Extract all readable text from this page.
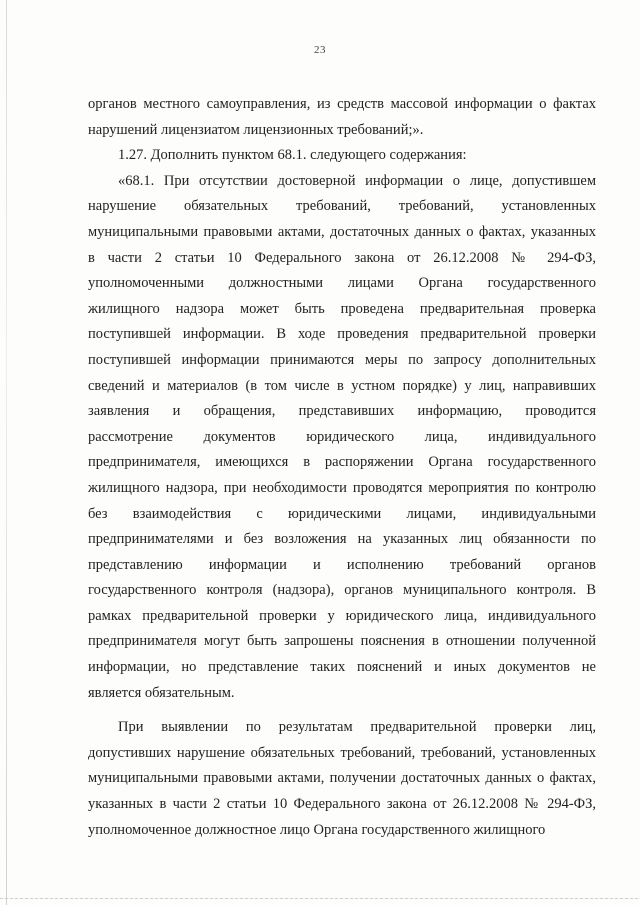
23
органов местного самоуправления, из средств массовой информации о фактах
нарушений лицензиатом лицензионных требований;».
1.27. Дополнить пунктом 68.1. следующего содержания:
«68.1. При отсутствии достоверной информации о лице, допустившем
нарушение обязательных требований, требований, установленных
муниципальными правовыми актами, достаточных данных о фактах, указанных
в части 2 статьи 10 Федерального закона от 26.12.2008 № 294-ФЗ,
уполномоченными должностными лицами Органа государственного
жилищного надзора может быть проведена предварительная проверка
поступившей информации. В ходе проведения предварительной проверки
поступившей информации принимаются меры по запросу дополнительных
сведений и материалов (в том числе в устном порядке) у лиц, направивших
заявления и обращения, представивших информацию, проводится
рассмотрение документов юридического лица, индивидуального
предпринимателя, имеющихся в распоряжении Органа государственного
жилищного надзора, при необходимости проводятся мероприятия по контролю
без взаимодействия с юридическими лицами, индивидуальными
предпринимателями и без возложения на указанных лиц обязанности по
представлению информации и исполнению требований органов
государственного контроля (надзора), органов муниципального контроля. В
рамках предварительной проверки у юридического лица, индивидуального
предпринимателя могут быть запрошены пояснения в отношении полученной
информации, но представление таких пояснений и иных документов не
является обязательным.
При выявлении по результатам предварительной проверки лиц,
допустивших нарушение обязательных требований, требований, установленных
муниципальными правовыми актами, получении достаточных данных о фактах,
указанных в части 2 статьи 10 Федерального закона от 26.12.2008 № 294-ФЗ,
уполномоченное должностное лицо Органа государственного жилищного
